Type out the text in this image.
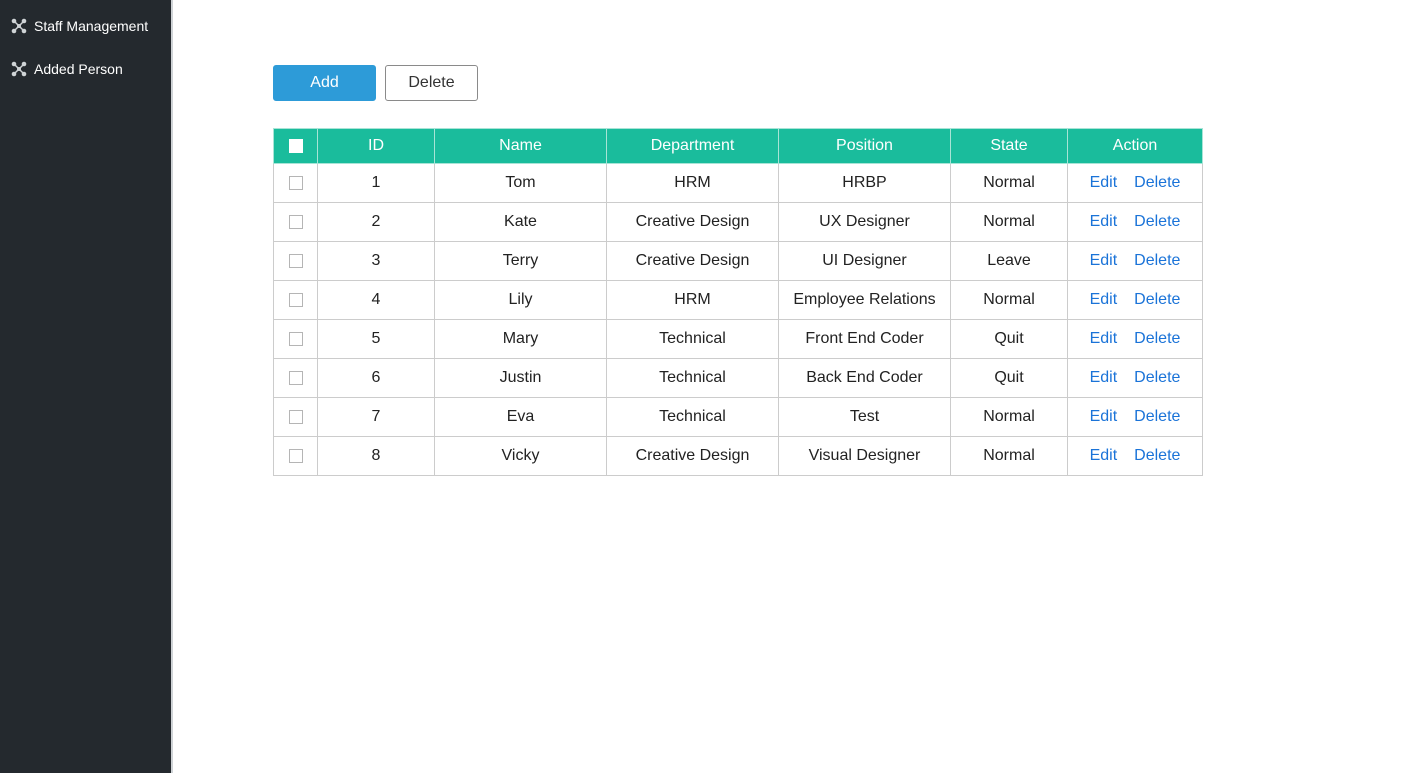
Staff Management
Added Person
Add	Delete
	ID	Name	Department	Position	State	Action
	1	Tom	HRM	HRBP	Normal	Edit Delete
	2	Kate	Creative Design	UX Designer	Normal	Edit Delete
	3	Terry	Creative Design	UI Designer	Leave	Edit Delete
	4	Lily	HRM	Employee Relations	Normal	Edit Delete
	5	Mary	Technical	Front End Coder	Quit	Edit Delete
	6	Justin	Technical	Back End Coder	Quit	Edit Delete
	7	Eva	Technical	Test	Normal	Edit Delete
	8	Vicky	Creative Design	Visual Designer	Normal	Edit Delete
